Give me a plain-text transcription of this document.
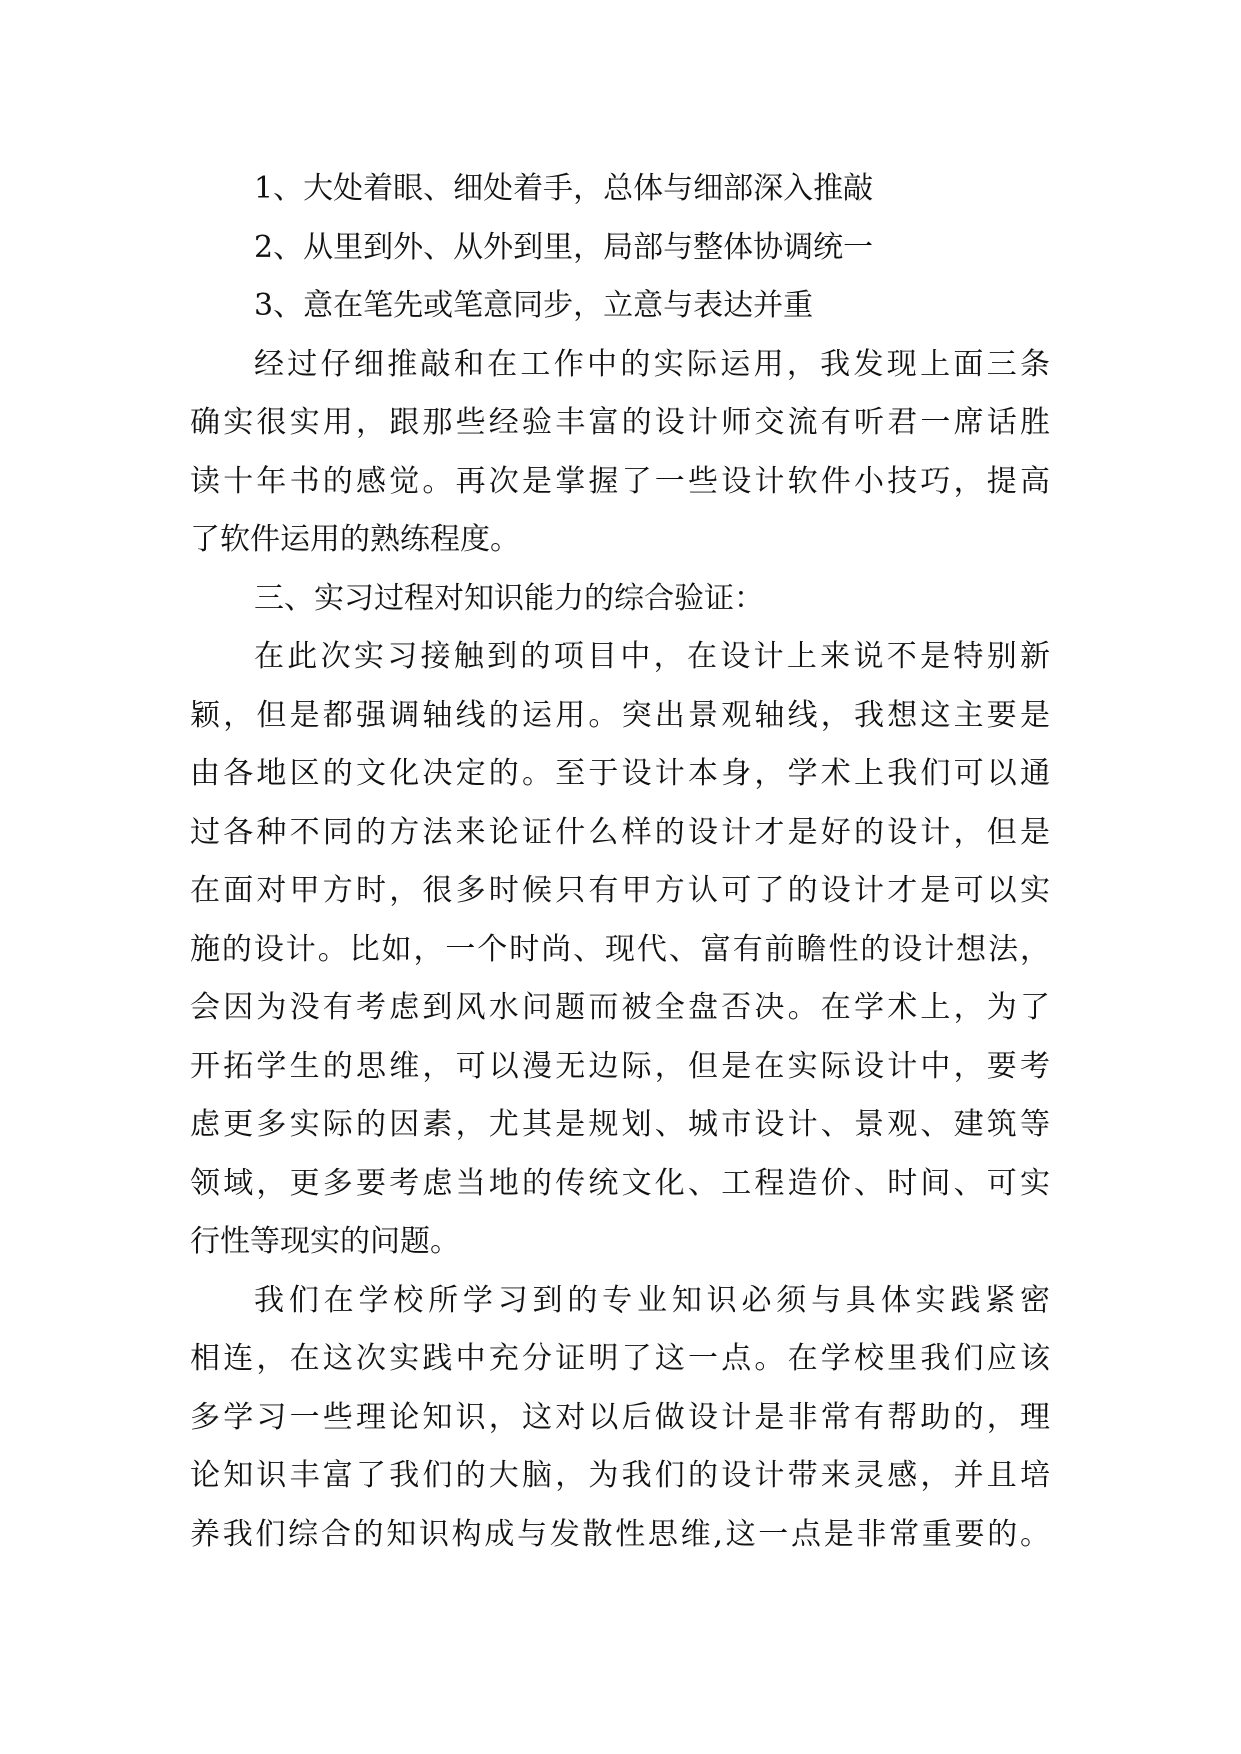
1、大处着眼、细处着手，总体与细部深入推敲
2、从里到外、从外到里，局部与整体协调统一
3、意在笔先或笔意同步，立意与表达并重
经过仔细推敲和在工作中的实际运用，我发现上面三条
确实很实用，跟那些经验丰富的设计师交流有听君一席话胜
读十年书的感觉。再次是掌握了一些设计软件小技巧，提高
了软件运用的熟练程度。
三、实习过程对知识能力的综合验证：
在此次实习接触到的项目中，在设计上来说不是特别新
颖，但是都强调轴线的运用。突出景观轴线，我想这主要是
由各地区的文化决定的。至于设计本身，学术上我们可以通
过各种不同的方法来论证什么样的设计才是好的设计，但是
在面对甲方时，很多时候只有甲方认可了的设计才是可以实
施的设计。比如，一个时尚、现代、富有前瞻性的设计想法，
会因为没有考虑到风水问题而被全盘否决。在学术上，为了
开拓学生的思维，可以漫无边际，但是在实际设计中，要考
虑更多实际的因素，尤其是规划、城市设计、景观、建筑等
领域，更多要考虑当地的传统文化、工程造价、时间、可实
行性等现实的问题。
我们在学校所学习到的专业知识必须与具体实践紧密
相连，在这次实践中充分证明了这一点。在学校里我们应该
多学习一些理论知识，这对以后做设计是非常有帮助的，理
论知识丰富了我们的大脑，为我们的设计带来灵感，并且培
养我们综合的知识构成与发散性思维,这一点是非常重要的。
